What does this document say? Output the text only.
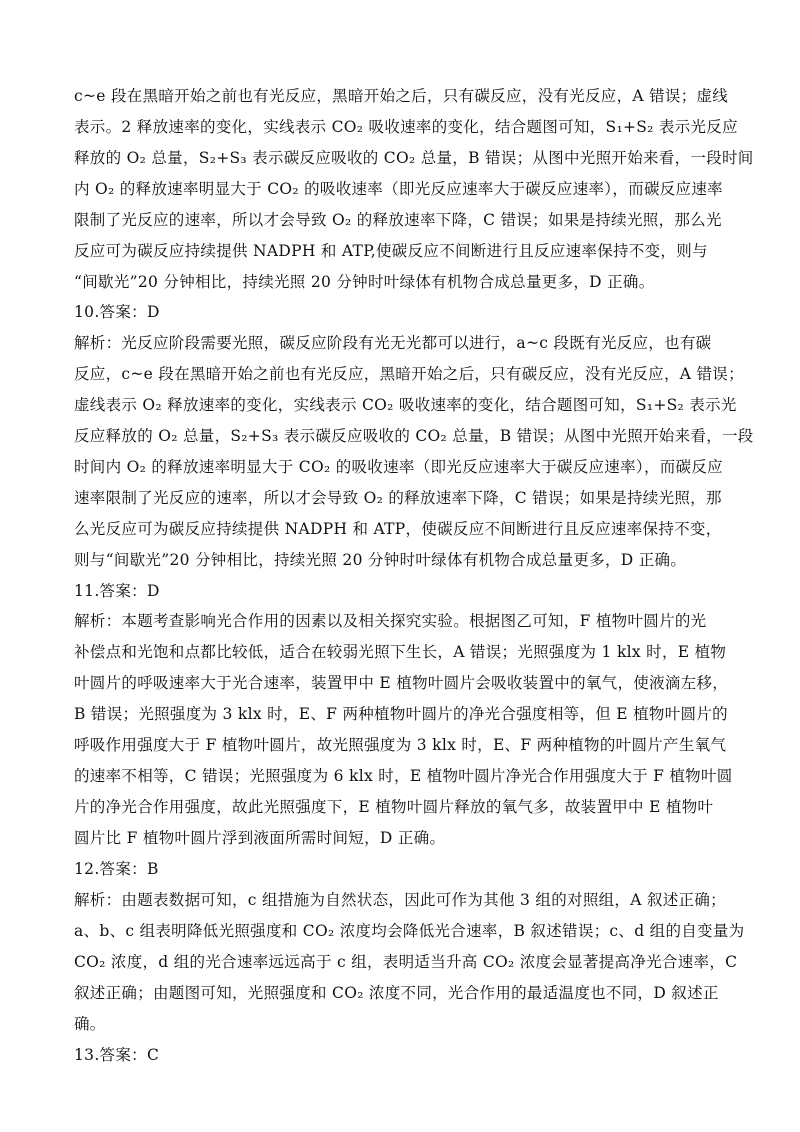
c~e 段在黑暗开始之前也有光反应，黑暗开始之后，只有碳反应，没有光反应，A 错误；虚线
表示。2 释放速率的变化，实线表示 CO₂ 吸收速率的变化，结合题图可知，S₁+S₂ 表示光反应
释放的 O₂ 总量，S₂+S₃ 表示碳反应吸收的 CO₂ 总量，B 错误；从图中光照开始来看，一段时间
内 O₂ 的释放速率明显大于 CO₂ 的吸收速率（即光反应速率大于碳反应速率），而碳反应速率
限制了光反应的速率，所以才会导致 O₂ 的释放速率下降，C 错误；如果是持续光照，那么光
反应可为碳反应持续提供 NADPH 和 ATP,使碳反应不间断进行且反应速率保持不变，则与
“间歇光”20 分钟相比，持续光照 20 分钟时叶绿体有机物合成总量更多，D 正确。
10.答案：D
解析：光反应阶段需要光照，碳反应阶段有光无光都可以进行，a~c 段既有光反应，也有碳
反应，c~e 段在黑暗开始之前也有光反应，黑暗开始之后，只有碳反应，没有光反应，A 错误；
虚线表示 O₂ 释放速率的变化，实线表示 CO₂ 吸收速率的变化，结合题图可知，S₁+S₂ 表示光
反应释放的 O₂ 总量，S₂+S₃ 表示碳反应吸收的 CO₂ 总量，B 错误；从图中光照开始来看，一段
时间内 O₂ 的释放速率明显大于 CO₂ 的吸收速率（即光反应速率大于碳反应速率），而碳反应
速率限制了光反应的速率，所以才会导致 O₂ 的释放速率下降，C 错误；如果是持续光照，那
么光反应可为碳反应持续提供 NADPH 和 ATP，使碳反应不间断进行且反应速率保持不变，
则与“间歇光”20 分钟相比，持续光照 20 分钟时叶绿体有机物合成总量更多，D 正确。
11.答案：D
解析：本题考查影响光合作用的因素以及相关探究实验。根据图乙可知，F 植物叶圆片的光
补偿点和光饱和点都比较低，适合在较弱光照下生长，A 错误；光照强度为 1 klx 时，E 植物
叶圆片的呼吸速率大于光合速率，装置甲中 E 植物叶圆片会吸收装置中的氧气，使液滴左移，
B 错误；光照强度为 3 klx 时，E、F 两种植物叶圆片的净光合强度相等，但 E 植物叶圆片的
呼吸作用强度大于 F 植物叶圆片，故光照强度为 3 klx 时，E、F 两种植物的叶圆片产生氧气
的速率不相等，C 错误；光照强度为 6 klx 时，E 植物叶圆片净光合作用强度大于 F 植物叶圆
片的净光合作用强度，故此光照强度下，E 植物叶圆片释放的氧气多，故装置甲中 E 植物叶
圆片比 F 植物叶圆片浮到液面所需时间短，D 正确。
12.答案：B
解析：由题表数据可知，c 组措施为自然状态，因此可作为其他 3 组的对照组，A 叙述正确；
a、b、c 组表明降低光照强度和 CO₂ 浓度均会降低光合速率，B 叙述错误；c、d 组的自变量为
CO₂ 浓度，d 组的光合速率远远高于 c 组，表明适当升高 CO₂ 浓度会显著提高净光合速率，C
叙述正确；由题图可知，光照强度和 CO₂ 浓度不同，光合作用的最适温度也不同，D 叙述正
确。
13.答案：C
